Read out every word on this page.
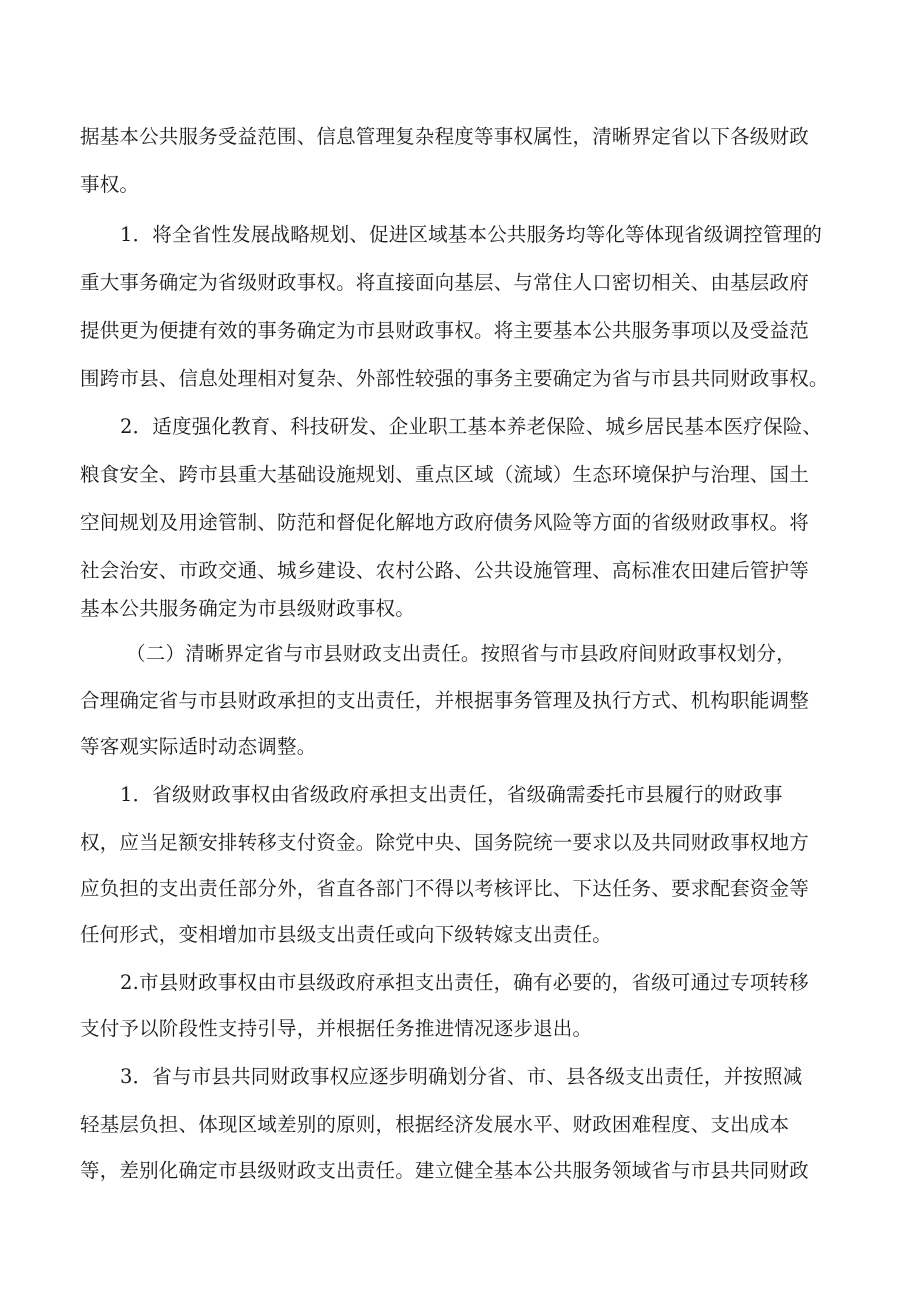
据基本公共服务受益范围、信息管理复杂程度等事权属性，清晰界定省以下各级财政
事权。
1．将全省性发展战略规划、促进区域基本公共服务均等化等体现省级调控管理的
重大事务确定为省级财政事权。将直接面向基层、与常住人口密切相关、由基层政府
提供更为便捷有效的事务确定为市县财政事权。将主要基本公共服务事项以及受益范
围跨市县、信息处理相对复杂、外部性较强的事务主要确定为省与市县共同财政事权。
2．适度强化教育、科技研发、企业职工基本养老保险、城乡居民基本医疗保险、
粮食安全、跨市县重大基础设施规划、重点区域（流域）生态环境保护与治理、国土
空间规划及用途管制、防范和督促化解地方政府债务风险等方面的省级财政事权。将
社会治安、市政交通、城乡建设、农村公路、公共设施管理、高标准农田建后管护等
基本公共服务确定为市县级财政事权。
（二）清晰界定省与市县财政支出责任。按照省与市县政府间财政事权划分，
合理确定省与市县财政承担的支出责任，并根据事务管理及执行方式、机构职能调整
等客观实际适时动态调整。
1．省级财政事权由省级政府承担支出责任，省级确需委托市县履行的财政事
权，应当足额安排转移支付资金。除党中央、国务院统一要求以及共同财政事权地方
应负担的支出责任部分外，省直各部门不得以考核评比、下达任务、要求配套资金等
任何形式，变相增加市县级支出责任或向下级转嫁支出责任。
2.市县财政事权由市县级政府承担支出责任，确有必要的，省级可通过专项转移
支付予以阶段性支持引导，并根据任务推进情况逐步退出。
3．省与市县共同财政事权应逐步明确划分省、市、县各级支出责任，并按照减
轻基层负担、体现区域差别的原则，根据经济发展水平、财政困难程度、支出成本
等，差别化确定市县级财政支出责任。建立健全基本公共服务领域省与市县共同财政
